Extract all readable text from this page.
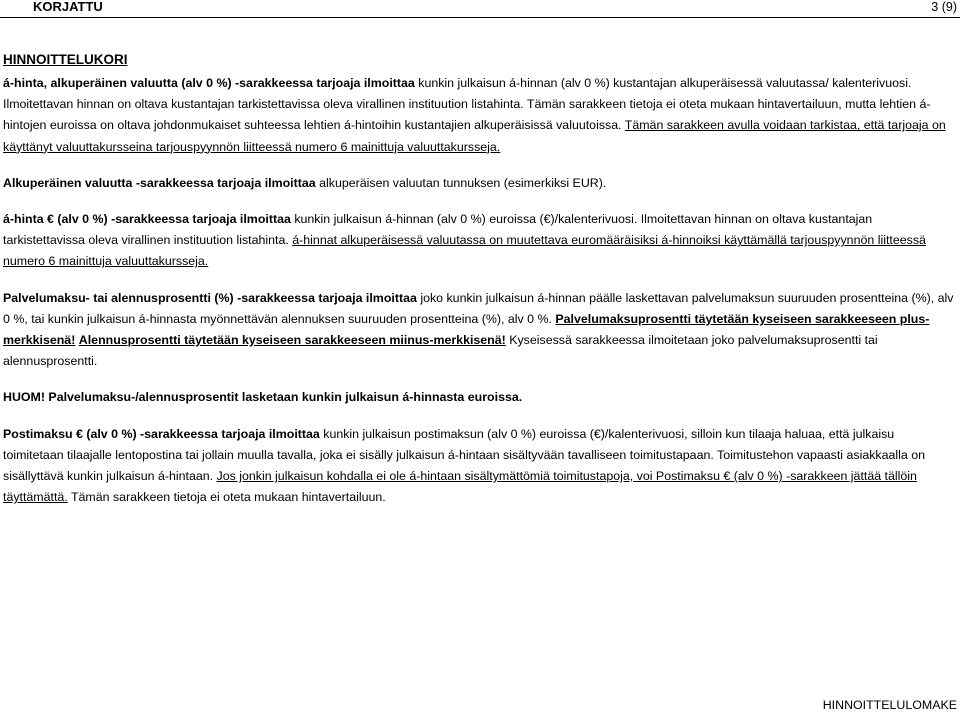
KORJATTU	3 (9)

HINNOITTELUKORI

á-hinta, alkuperäinen valuutta (alv 0 %) -sarakkeessa tarjoaja ilmoittaa kunkin julkaisun á-hinnan (alv 0 %) kustantajan alkuperäisessä valuutassa/ kalenterivuosi. Ilmoitettavan hinnan on oltava kustantajan tarkistettavissa oleva virallinen instituution listahinta. Tämän sarakkeen tietoja ei oteta mukaan hintavertailuun, mutta lehtien á-hintojen euroissa on oltava johdonmukaiset suhteessa lehtien á-hintoihin kustantajien alkuperäisissä valuutoissa. Tämän sarakkeen avulla voidaan tarkistaa, että tarjoaja on käyttänyt valuuttakursseina tarjouspyynnön liitteessä numero 6 mainittuja valuuttakursseja.

Alkuperäinen valuutta -sarakkeessa tarjoaja ilmoittaa alkuperäisen valuutan tunnuksen (esimerkiksi EUR).

á-hinta € (alv 0 %) -sarakkeessa tarjoaja ilmoittaa kunkin julkaisun á-hinnan (alv 0 %) euroissa (€)/kalenterivuosi. Ilmoitettavan hinnan on oltava kustantajan tarkistettavissa oleva virallinen instituution listahinta. á-hinnat alkuperäisessä valuutassa on muutettava euromääräisiksi á-hinnoiksi käyttämällä tarjouspyynnön liitteessä numero 6 mainittuja valuuttakursseja.

Palvelumaksu- tai alennusprosentti (%) -sarakkeessa tarjoaja ilmoittaa joko kunkin julkaisun á-hinnan päälle laskettavan palvelumaksun suuruuden prosentteina (%), alv 0 %, tai kunkin julkaisun á-hinnasta myönnettävän alennuksen suuruuden prosentteina (%), alv 0 %. Palvelumaksuprosentti täytetään kyseiseen sarakkeeseen plus-merkkisenä! Alennusprosentti täytetään kyseiseen sarakkeeseen miinus-merkkisenä! Kyseisessä sarakkeessa ilmoitetaan joko palvelumaksuprosentti tai alennusprosentti.

HUOM! Palvelumaksu-/alennusprosentit lasketaan kunkin julkaisun á-hinnasta euroissa.

Postimaksu € (alv 0 %) -sarakkeessa tarjoaja ilmoittaa kunkin julkaisun postimaksun (alv 0 %) euroissa (€)/kalenterivuosi, silloin kun tilaaja haluaa, että julkaisu toimitetaan tilaajalle lentopostina tai jollain muulla tavalla, joka ei sisälly julkaisun á-hintaan sisältyvään tavalliseen toimitustapaan. Toimitustehon vapaasti asiakkaalla on sisällyttävä kunkin julkaisun á-hintaan. Jos jonkin julkaisun kohdalla ei ole á-hintaan sisältymättömiä toimitustapoja, voi Postimaksu € (alv 0 %) -sarakkeen jättää tällöin täyttämättä. Tämän sarakkeen tietoja ei oteta mukaan hintavertailuun.

HINNOITTELULOMAKE
